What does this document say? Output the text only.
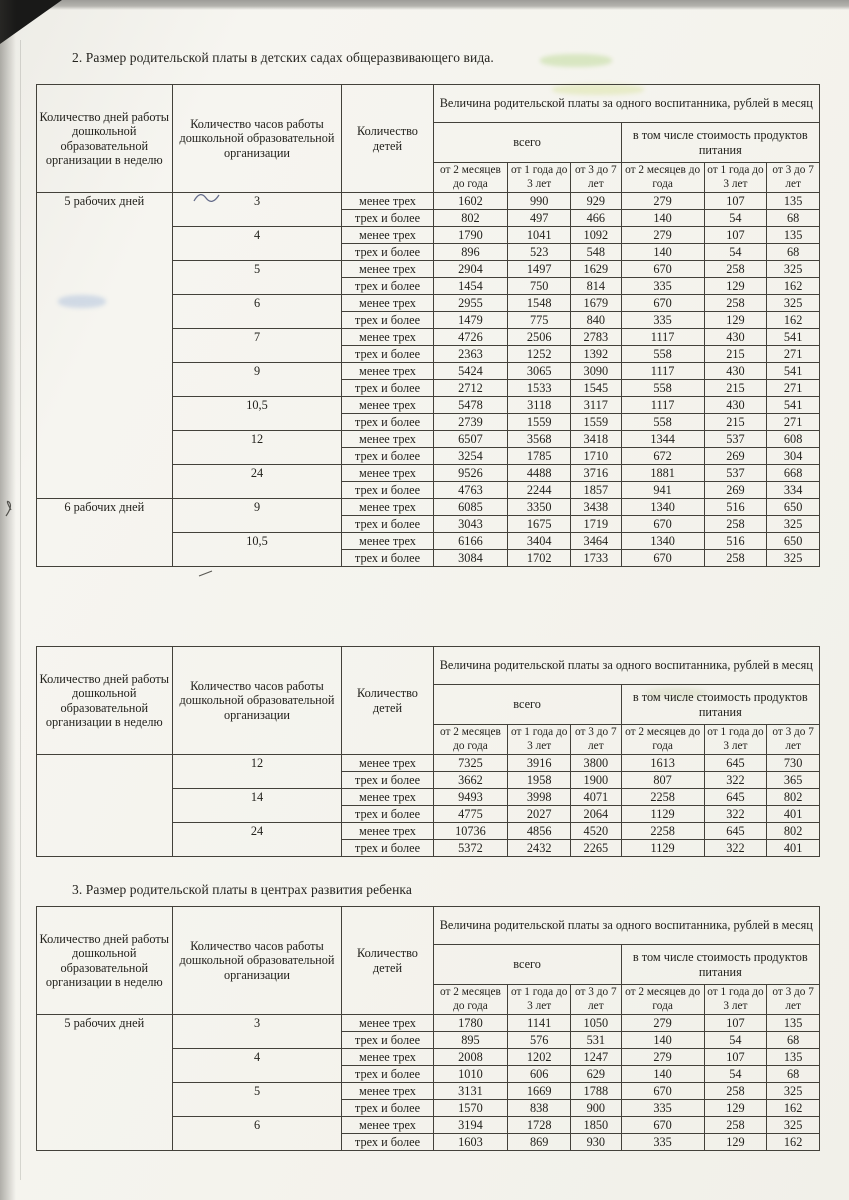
2. Размер родительской платы в детских садах общеразвивающего вида.
Количество дней работы дошкольной образовательной организации в неделю	Количество часов работы дошкольной образовательной организации	Количество детей	Величина родительской платы за одного воспитанника, рублей в месяц					
			всего			в том числе стоимость продуктов питания		
			от 2 месяцев до года	от 1 года до 3 лет	от 3 до 7 лет	от 2 месяцев до года	от 1 года до 3 лет	от 3 до 7 лет
5 рабочих дней	3	менее трех	1602	990	929	279	107	135
		трех и более	802	497	466	140	54	68
	4	менее трех	1790	1041	1092	279	107	135
		трех и более	896	523	548	140	54	68
	5	менее трех	2904	1497	1629	670	258	325
		трех и более	1454	750	814	335	129	162
	6	менее трех	2955	1548	1679	670	258	325
		трех и более	1479	775	840	335	129	162
	7	менее трех	4726	2506	2783	1117	430	541
		трех и более	2363	1252	1392	558	215	271
	9	менее трех	5424	3065	3090	1117	430	541
		трех и более	2712	1533	1545	558	215	271
	10,5	менее трех	5478	3118	3117	1117	430	541
		трех и более	2739	1559	1559	558	215	271
	12	менее трех	6507	3568	3418	1344	537	608
		трех и более	3254	1785	1710	672	269	304
	24	менее трех	9526	4488	3716	1881	537	668
		трех и более	4763	2244	1857	941	269	334
6 рабочих дней	9	менее трех	6085	3350	3438	1340	516	650
		трех и более	3043	1675	1719	670	258	325
	10,5	менее трех	6166	3404	3464	1340	516	650
		трех и более	3084	1702	1733	670	258	325
Количество дней работы дошкольной образовательной организации в неделю	Количество часов работы дошкольной образовательной организации	Количество детей	Величина родительской платы за одного воспитанника, рублей в месяц					
			всего			в том числе стоимость продуктов питания		
			от 2 месяцев до года	от 1 года до 3 лет	от 3 до 7 лет	от 2 месяцев до года	от 1 года до 3 лет	от 3 до 7 лет
	12	менее трех	7325	3916	3800	1613	645	730
		трех и более	3662	1958	1900	807	322	365
	14	менее трех	9493	3998	4071	2258	645	802
		трех и более	4775	2027	2064	1129	322	401
	24	менее трех	10736	4856	4520	2258	645	802
		трех и более	5372	2432	2265	1129	322	401
3. Размер родительской платы в центрах развития ребенка
Количество дней работы дошкольной образовательной организации в неделю	Количество часов работы дошкольной образовательной организации	Количество детей	Величина родительской платы за одного воспитанника, рублей в месяц					
			всего			в том числе стоимость продуктов питания		
			от 2 месяцев до года	от 1 года до 3 лет	от 3 до 7 лет	от 2 месяцев до года	от 1 года до 3 лет	от 3 до 7 лет
5 рабочих дней	3	менее трех	1780	1141	1050	279	107	135
		трех и более	895	576	531	140	54	68
	4	менее трех	2008	1202	1247	279	107	135
		трех и более	1010	606	629	140	54	68
	5	менее трех	3131	1669	1788	670	258	325
		трех и более	1570	838	900	335	129	162
	6	менее трех	3194	1728	1850	670	258	325
		трех и более	1603	869	930	335	129	162
